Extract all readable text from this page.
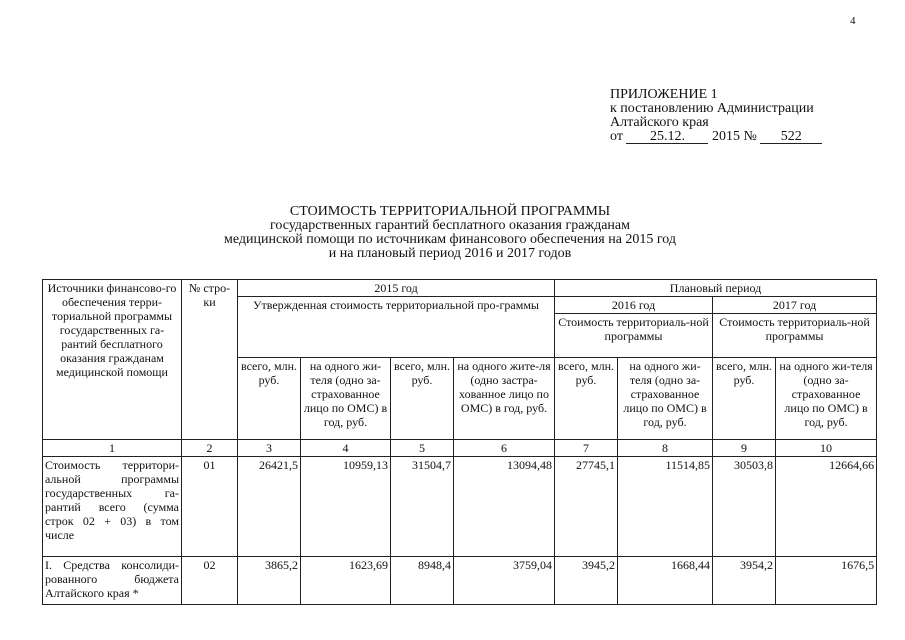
4
ПРИЛОЖЕНИЕ 1
к постановлению Администрации
Алтайского края
от 25.12. 2015 № 522
СТОИМОСТЬ ТЕРРИТОРИАЛЬНОЙ ПРОГРАММЫ
государственных гарантий бесплатного оказания гражданам
медицинской помощи по источникам финансового обеспечения на 2015 год
и на плановый период 2016 и 2017 годов
Источники финансово-го обеспечения терри-ториальной программы государственных га-рантий бесплатного оказания гражданам медицинской помощи	№ стро-ки	2015 год				Плановый период			
		Утвержденная стоимость территориальной про-граммы				2016 год		2017 год	
						Стоимость территориаль-ной программы		Стоимость территориаль-ной программы	
		всего, млн. руб.	на одного жи-теля (одно за-страхованное лицо по ОМС) в год, руб.	всего, млн. руб.	на одного жите-ля (одно застра-хованное лицо по ОМС) в год, руб.	всего, млн. руб.	на одного жи-теля (одно за-страхованное лицо по ОМС) в год, руб.	всего, млн. руб.	на одного жи-теля (одно за-страхованное лицо по ОМС) в год, руб.
1	2	3	4	5	6	7	8	9	10
Стоимость территори-альной программы государственных га-рантий всего (сумма строк 02 + 03) в том числе	01	26421,5	10959,13	31504,7	13094,48	27745,1	11514,85	30503,8	12664,66
I. Средства консолиди-рованного бюджета Алтайского края *	02	3865,2	1623,69	8948,4	3759,04	3945,2	1668,44	3954,2	1676,5
